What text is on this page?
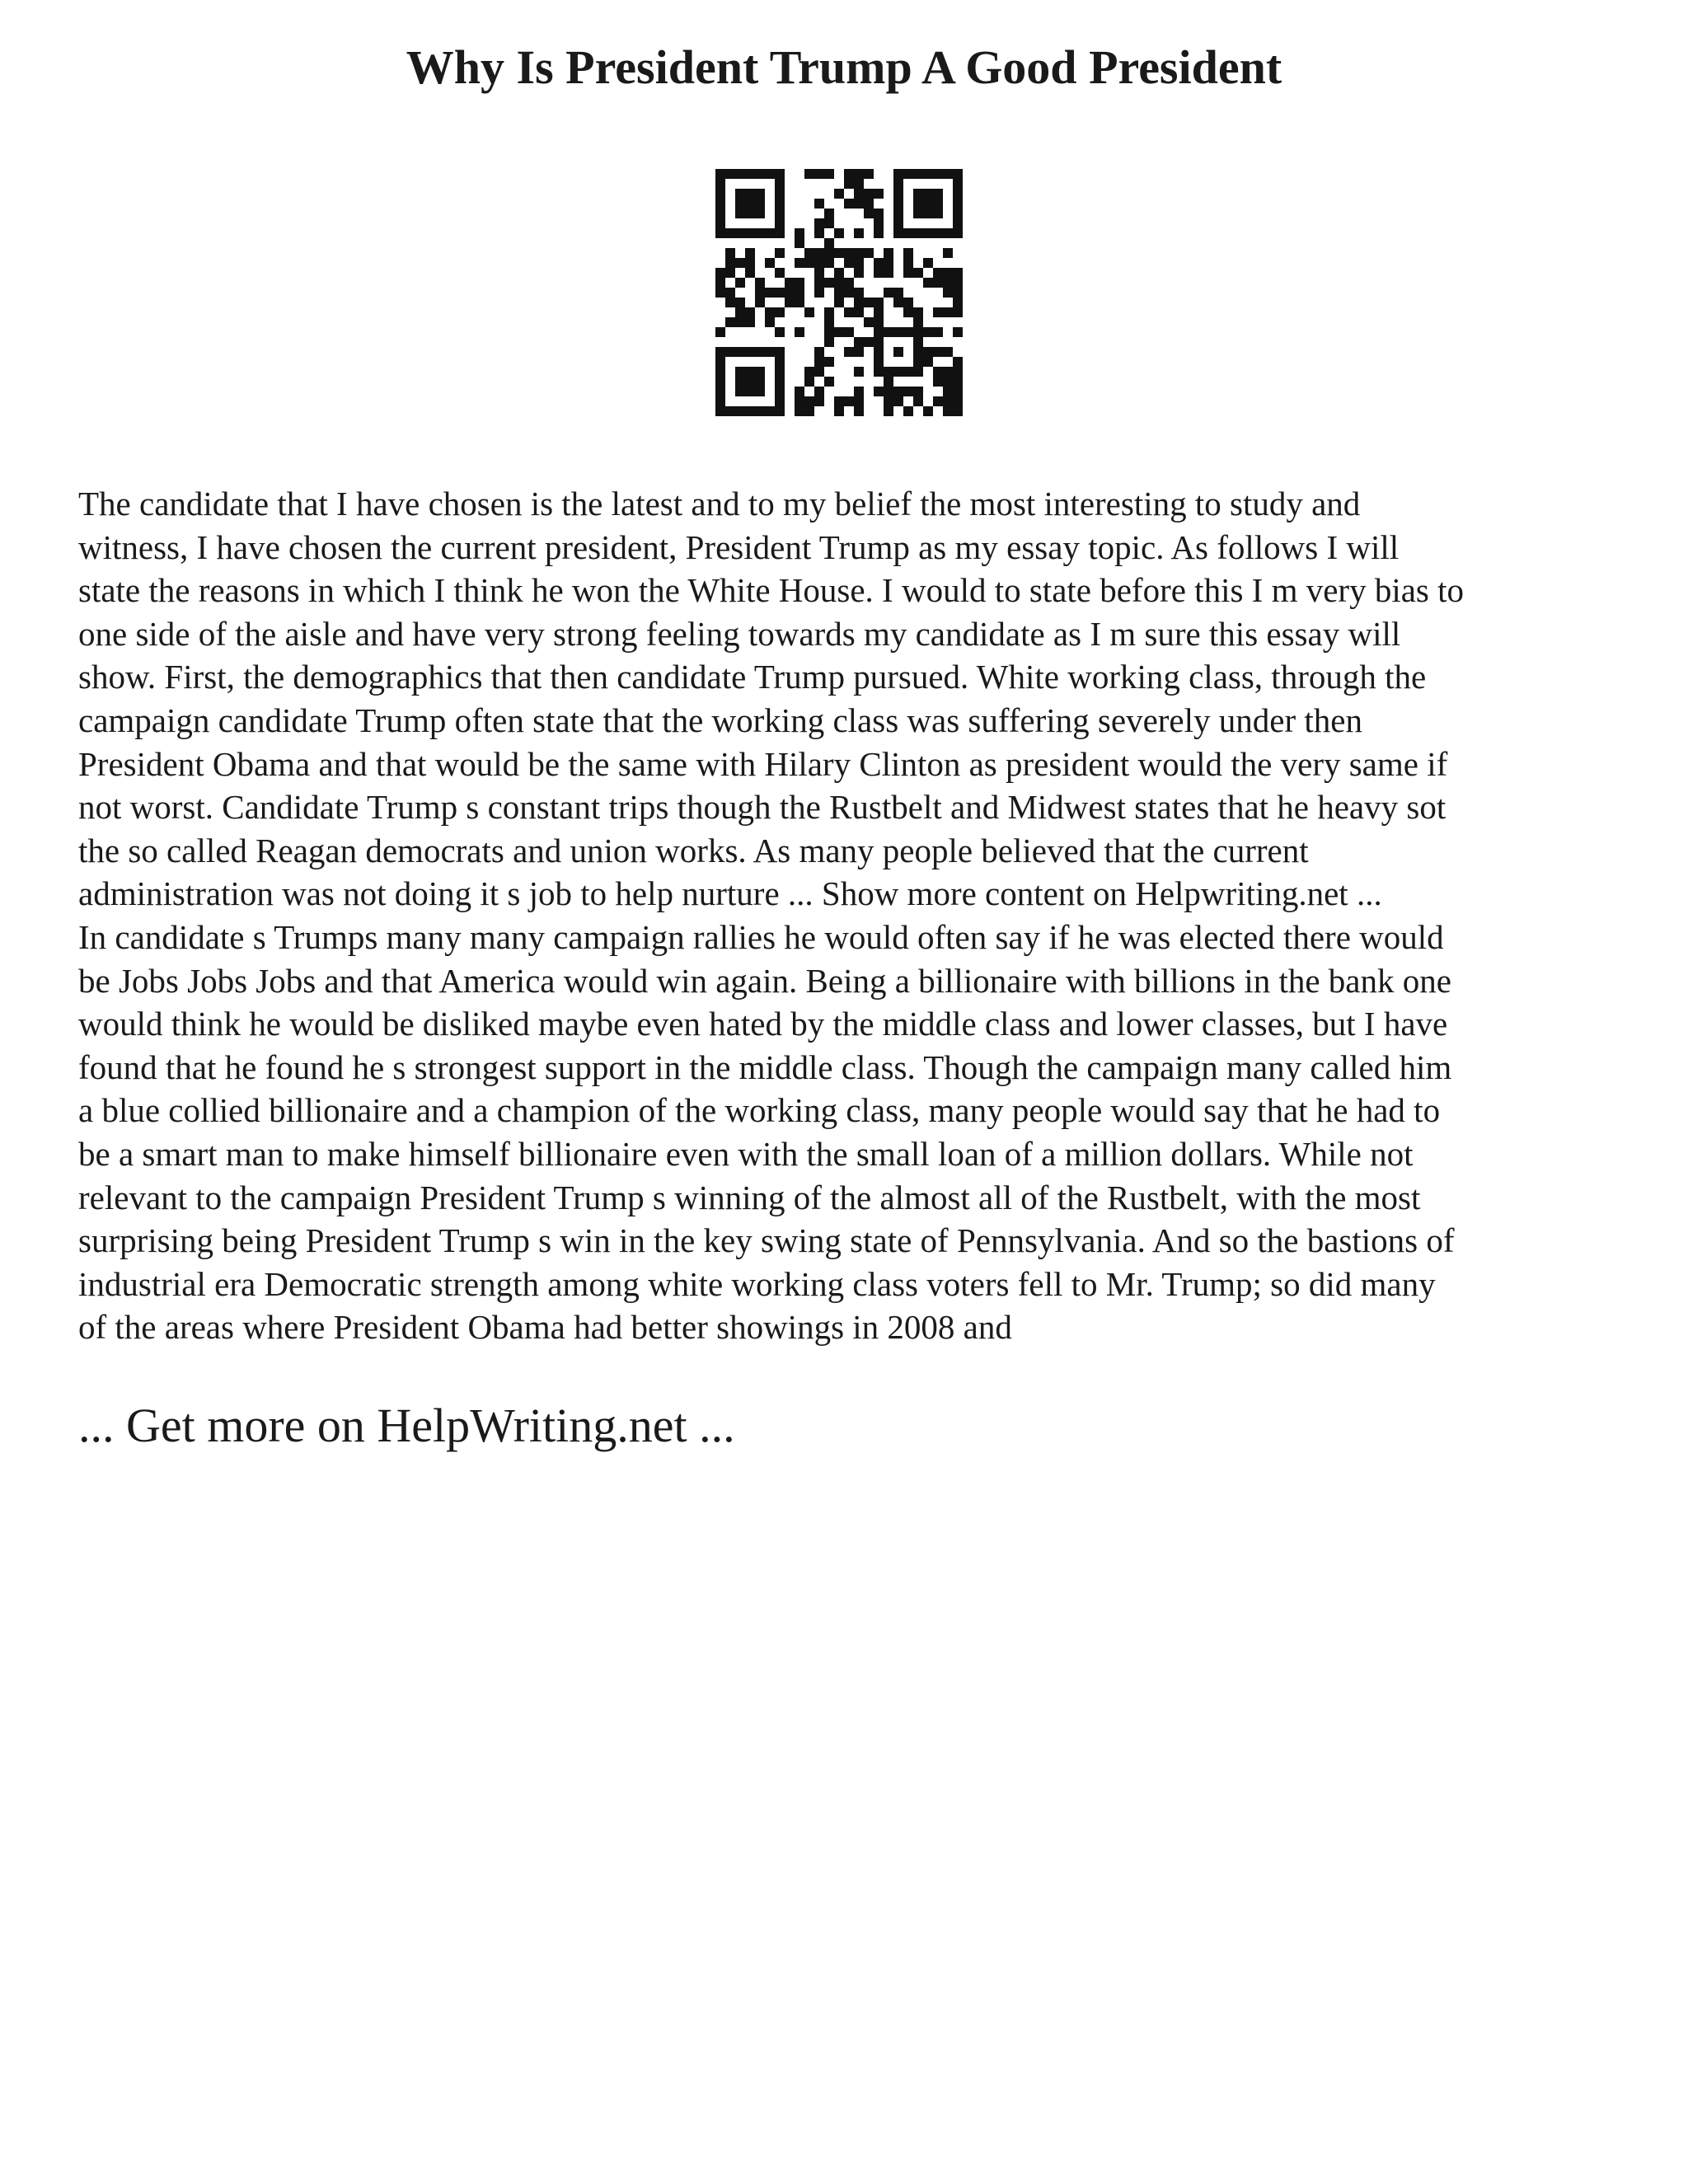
Why Is President Trump A Good President
The candidate that I have chosen is the latest and to my belief the most interesting to study and
witness, I have chosen the current president, President Trump as my essay topic. As follows I will
state the reasons in which I think he won the White House. I would to state before this I m very bias to
one side of the aisle and have very strong feeling towards my candidate as I m sure this essay will
show. First, the demographics that then candidate Trump pursued. White working class, through the
campaign candidate Trump often state that the working class was suffering severely under then
President Obama and that would be the same with Hilary Clinton as president would the very same if
not worst. Candidate Trump s constant trips though the Rustbelt and Midwest states that he heavy sot
the so called Reagan democrats and union works. As many people believed that the current
administration was not doing it s job to help nurture ... Show more content on Helpwriting.net ...
In candidate s Trumps many many campaign rallies he would often say if he was elected there would
be Jobs Jobs Jobs and that America would win again. Being a billionaire with billions in the bank one
would think he would be disliked maybe even hated by the middle class and lower classes, but I have
found that he found he s strongest support in the middle class. Though the campaign many called him
a blue collied billionaire and a champion of the working class, many people would say that he had to
be a smart man to make himself billionaire even with the small loan of a million dollars. While not
relevant to the campaign President Trump s winning of the almost all of the Rustbelt, with the most
surprising being President Trump s win in the key swing state of Pennsylvania. And so the bastions of
industrial era Democratic strength among white working class voters fell to Mr. Trump; so did many
of the areas where President Obama had better showings in 2008 and

... Get more on HelpWriting.net ...
